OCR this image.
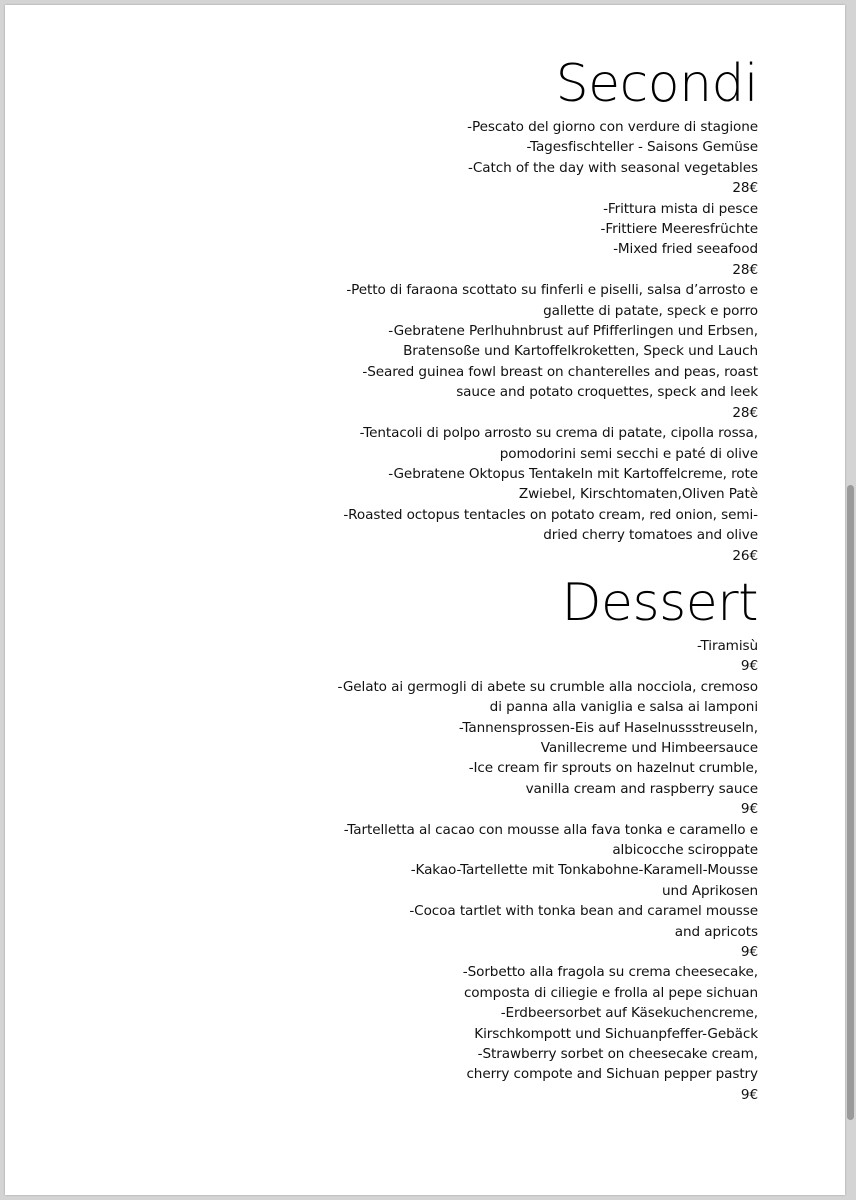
Secondi
-Pescato del giorno con verdure di stagione
-Tagesfischteller - Saisons Gemüse
-Catch of the day with seasonal vegetables
28€
-Frittura mista di pesce
-Frittiere Meeresfrüchte
-Mixed fried seeafood
28€
-Petto di faraona scottato su finferli e piselli, salsa d’arrosto e
gallette di patate, speck e porro
-Gebratene Perlhuhnbrust auf Pfifferlingen und Erbsen,
Bratensoße und Kartoffelkroketten, Speck und Lauch
-Seared guinea fowl breast on chanterelles and peas, roast
sauce and potato croquettes, speck and leek
28€
-Tentacoli di polpo arrosto su crema di patate, cipolla rossa,
pomodorini semi secchi e paté di olive
-Gebratene Oktopus Tentakeln mit Kartoffelcreme, rote
Zwiebel, Kirschtomaten,Oliven Patè
-Roasted octopus tentacles on potato cream, red onion, semi-
dried cherry tomatoes and olive
26€
Dessert
-Tiramisù
9€
-Gelato ai germogli di abete su crumble alla nocciola, cremoso
di panna alla vaniglia e salsa ai lamponi
-Tannensprossen-Eis auf Haselnussstreuseln,
Vanillecreme und Himbeersauce
-Ice cream fir sprouts on hazelnut crumble,
vanilla cream and raspberry sauce
9€
-Tartelletta al cacao con mousse alla fava tonka e caramello e
albicocche sciroppate
-Kakao-Tartellette mit Tonkabohne-Karamell-Mousse
und Aprikosen
-Cocoa tartlet with tonka bean and caramel mousse
and apricots
9€
-Sorbetto alla fragola su crema cheesecake,
composta di ciliegie e frolla al pepe sichuan
-Erdbeersorbet auf Käsekuchencreme,
Kirschkompott und Sichuanpfeffer-Gebäck
-Strawberry sorbet on cheesecake cream,
cherry compote and Sichuan pepper pastry
9€
